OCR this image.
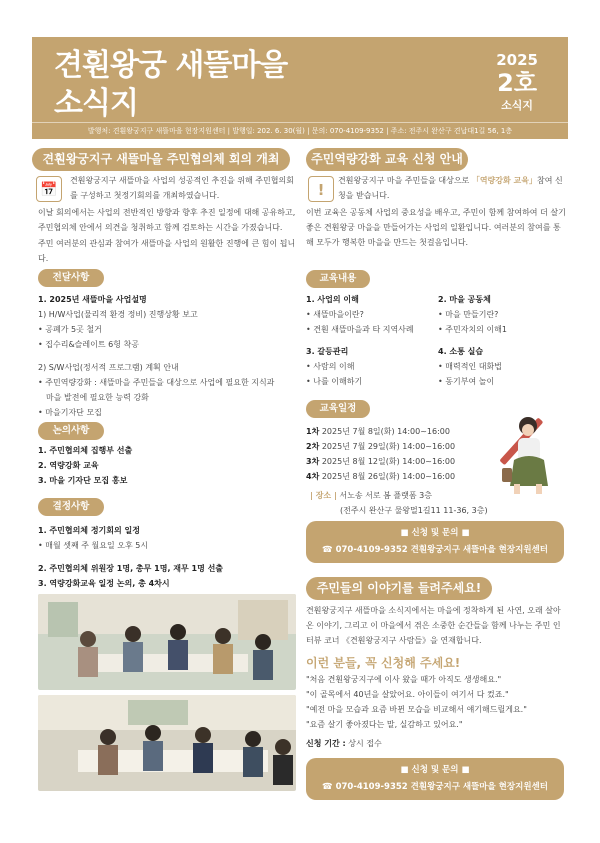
견훤왕궁 새뜰마을
소식지
2025
2호
소식지
발행처: 견훤왕궁지구 새뜰마을 현장지원센터 | 발행일: 202. 6. 30(월) | 문의: 070-4109-9352 | 주소: 전주시 완산구 견납대1길 56, 1층
견훤왕궁지구 새뜰마을 주민협의체 회의 개최
📅
견훤왕궁지구 새뜰마을 사업의 성공적인 추진을 위해 주민협의회를 구성하고 첫정기회의를 개최하였습니다.
이날 회의에서는 사업의 전반적인 방향과 향후 추진 일정에 대해 공유하고, 주민협의체 안에서 의견을 청취하고 함께 검토하는 시간을 가졌습니다.
주민 여러분의 관심과 참여가 새뜰마을 사업의 원활한 진행에 큰 힘이 됩니다.
전달사항
1. 2025년 새뜰마을 사업설명
1) H/W사업(물리적 환경 정비) 진행상황 보고
• 공폐가 5곳 철거
• 집수리&슬레이트 6헝 착공
2) S/W사업(정서적 프로그램) 계획 안내
• 주민역량강화 : 새뜰마을 주민들을 대상으로 사업에 필요한 지식과
마을 발전에 필요한 능력 강화
• 마을기자단 모집
논의사항
1. 주민협의체 집행부 선출
2. 역량강화 교육
3. 마을 기자단 모집 홍보
결정사항
1. 주민협의체 정기회의 일정
• 매월 셋째 주 월요일 오후 5시
2. 주민협의체 위원장 1명, 총무 1명, 재무 1명 선출
3. 역량강화교육 일정 논의, 총 4차시
주민역량강화 교육 신청 안내
!
견훤왕궁지구 마을 주민들을 대상으로 「역량강화 교육」참여 신청을 받습니다.
이번 교육은 공동체 사업의 중요성을 배우고, 주민이 함께 참여하여 더 살기 좋은 견훤왕궁 마을을 만들어가는 사업의 일환입니다. 여러분의 참여를 통해 모두가 행복한 마을을 만드는 첫걸음입니다.
교육내용
1. 사업의 이해
• 새뜰마을이란?
• 견훤 새뜰마을과 타 지역사례
2. 마을 공동체
• 마을 만들기란?
• 주민자치의 이해1
3. 갈등관리
• 사람의 이해
• 나를 이해하기
4. 소통 실습
• 매력적인 대화법
• 동기부여 놀이
교육일정
1차 2025년 7월 8일(화) 14:00~16:00
2차 2025년 7월 29일(화) 14:00~16:00
3차 2025년 8월 12일(화) 14:00~16:00
4차 2025년 8월 26일(화) 14:00~16:00
| 장소 | 서노송 서로 봄 플랫폼 3층
(전주시 완산구 물왕멀1길11 11-36, 3층)
■ 신청 및 문의 ■
☎ 070-4109-9352 견훤왕궁지구 새뜰마을 현장지원센터
주민들의 이야기를 들려주세요!
견훤왕궁지구 새뜰마을 소식지에서는 마을에 정착하게 된 사연, 오래 살아온 이야기, 그리고 이 마을에서 겪은 소중한 순간들을 함께 나누는 주민 인터뷰 코너 《견훤왕궁지구 사람들》을 연재합니다.
이런 분들, 꼭 신청해 주세요!
"처음 견훤왕궁지구에 이사 왔을 때가 아직도 생생해요."
"이 골목에서 40년을 살았어요. 아이들이 여기서 다 컸죠."
"예전 마을 모습과 요즘 바뀐 모습을 비교해서 얘기해드릴게요."
"요즘 살기 좋아졌다는 말, 실감하고 있어요."
신청 기간 : 상시 접수
■ 신청 및 문의 ■
☎ 070-4109-9352 견훤왕궁지구 새뜰마을 현장지원센터
